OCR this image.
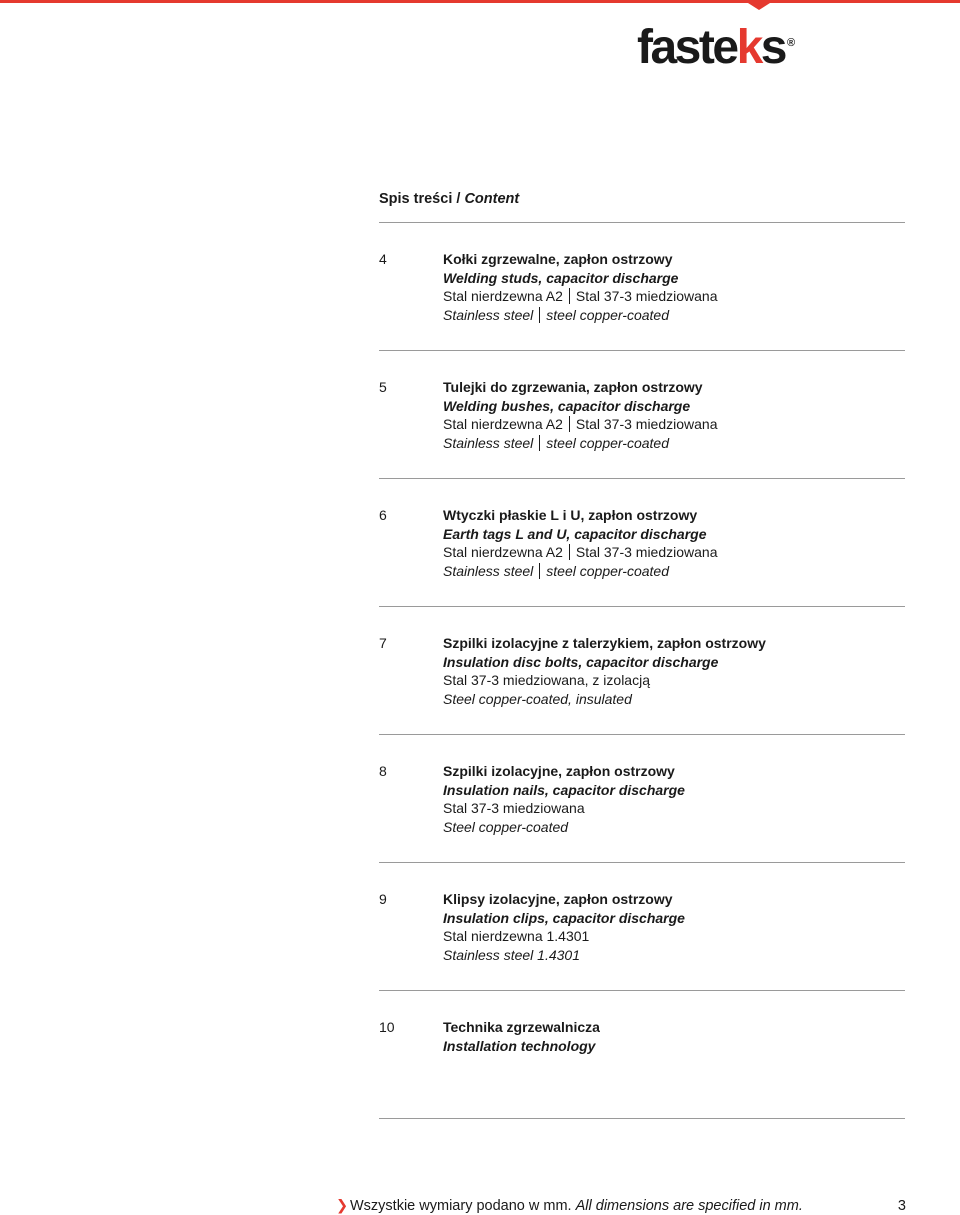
fasteks ®
Spis treści / Content
4	Kołki zgrzewalne, zapłon ostrzowy
Welding studs, capacitor discharge
Stal nierdzewna A2 Stal 37-3 miedziowana
Stainless steel steel copper-coated
5	Tulejki do zgrzewania, zapłon ostrzowy
Welding bushes, capacitor discharge
Stal nierdzewna A2 Stal 37-3 miedziowana
Stainless steel steel copper-coated
6	Wtyczki płaskie L i U, zapłon ostrzowy
Earth tags L and U, capacitor discharge
Stal nierdzewna A2 Stal 37-3 miedziowana
Stainless steel steel copper-coated
7	Szpilki izolacyjne z talerzykiem, zapłon ostrzowy
Insulation disc bolts, capacitor discharge
Stal 37-3 miedziowana, z izolacją
Steel copper-coated, insulated
8	Szpilki izolacyjne, zapłon ostrzowy
Insulation nails, capacitor discharge
Stal 37-3 miedziowana
Steel copper-coated
9	Klipsy izolacyjne, zapłon ostrzowy
Insulation clips, capacitor discharge
Stal nierdzewna 1.4301
Stainless steel 1.4301
10	Technika zgrzewalnicza
Installation technology
❯ Wszystkie wymiary podano w mm. All dimensions are specified in mm.	3
